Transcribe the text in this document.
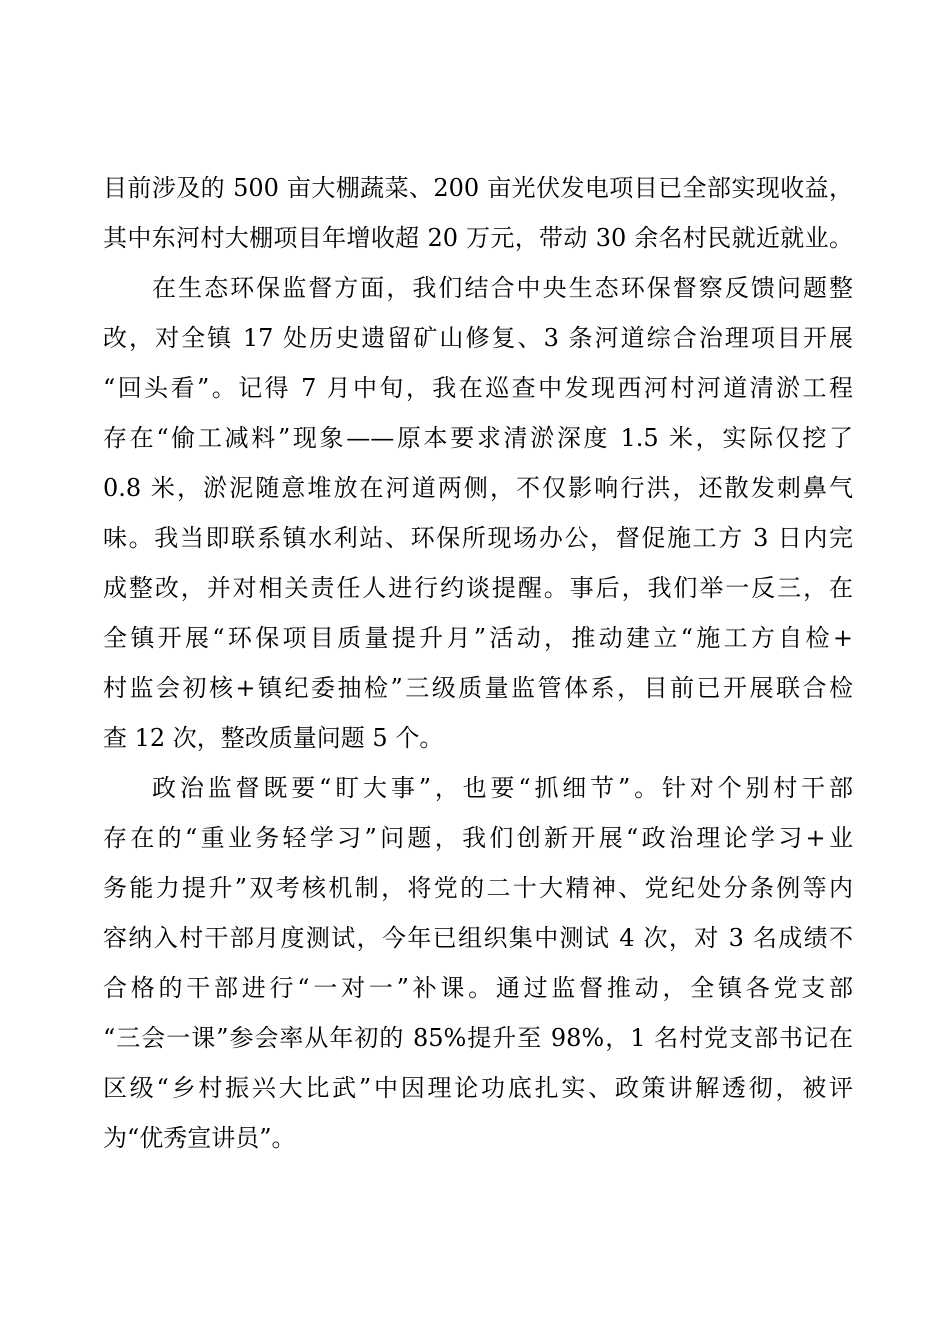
目前涉及的 500 亩大棚蔬菜、200 亩光伏发电项目已全部实现收益，
其中东河村大棚项目年增收超 20 万元，带动 30 余名村民就近就业。
在生态环保监督方面，我们结合中央生态环保督察反馈问题整
改，对全镇 17 处历史遗留矿山修复、3 条河道综合治理项目开展
“回头看”。记得 7 月中旬，我在巡查中发现西河村河道清淤工程
存在“偷工减料”现象——原本要求清淤深度 1.5 米，实际仅挖了
0.8 米，淤泥随意堆放在河道两侧，不仅影响行洪，还散发刺鼻气
味。我当即联系镇水利站、环保所现场办公，督促施工方 3 日内完
成整改，并对相关责任人进行约谈提醒。事后，我们举一反三，在
全镇开展“环保项目质量提升月”活动，推动建立“施工方自检+
村监会初核+镇纪委抽检”三级质量监管体系，目前已开展联合检
查 12 次，整改质量问题 5 个。
政治监督既要“盯大事”，也要“抓细节”。针对个别村干部
存在的“重业务轻学习”问题，我们创新开展“政治理论学习+业
务能力提升”双考核机制，将党的二十大精神、党纪处分条例等内
容纳入村干部月度测试，今年已组织集中测试 4 次，对 3 名成绩不
合格的干部进行“一对一”补课。通过监督推动，全镇各党支部
“三会一课”参会率从年初的 85%提升至 98%，1 名村党支部书记在
区级“乡村振兴大比武”中因理论功底扎实、政策讲解透彻，被评
为“优秀宣讲员”。
